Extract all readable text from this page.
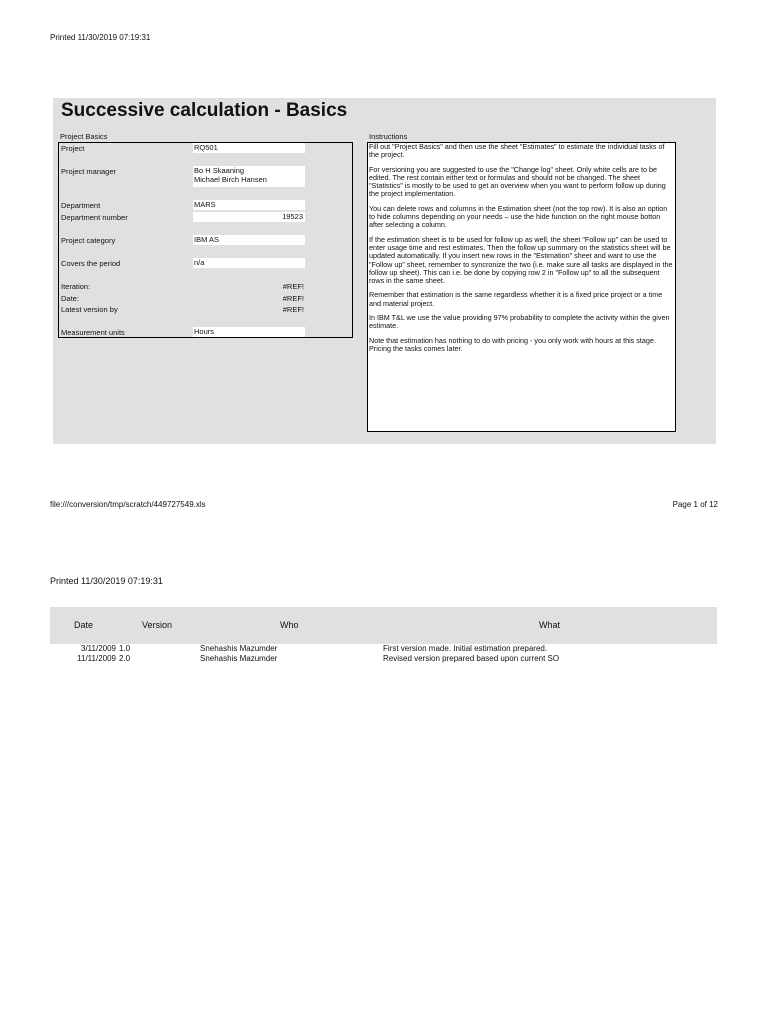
Printed 11/30/2019 07:19:31
Successive calculation - Basics
Project Basics	Instructions
Project	RQ501
Project manager	Bo H Skaaning
Michael Birch Hansen
Department	MARS
Department number	19523
Project category	IBM AS
Covers the period	n/a
Iteration:	#REF!
Date:	#REF!
Latest version by	#REF!
Measurement units	Hours

Fill out "Project Basics" and then use the sheet "Estimates" to estimate the individual tasks of the project.

For versioning you are suggested to use the "Change log" sheet. Only white cells are to be edited. The rest contain either text or formulas and should not be changed. The sheet "Statistics" is mostly to be used to get an overview when you want to perform follow up during the project implementation.

You can delete rows and columns in the Estimation sheet (not the top row). It is also an option to hide columns depending on your needs – use the hide function on the right mouse botton after selecting a column.

If the estimation sheet is to be used for follow up as well, the sheet "Follow up" can be used to enter usage time and rest estimates. Then the follow up summary on the statistics sheet will be updated automatically. If you insert new rows in the "Estimation" sheet and want to use the "Follow up" sheet, remember to syncronize the two (i.e. make sure all tasks are displayed in the follow up sheet). This can i.e. be done by copying row 2 in "Follow up" to all the subsequent rows in the same sheet.

Remember that estimation is the same regardless whether it is a fixed price project or a time and material project.

In IBM T&L we use the value providing 97% probability to complete the activity within the given estimate.

Note that estimation has nothing to do with pricing - you only work with hours at this stage. Pricing the tasks comes later.

file:///conversion/tmp/scratch/449727549.xls	Page 1 of 12
Printed 11/30/2019 07:19:31
Date	Version	Who	What
3/11/2009 1.0	Snehashis Mazumder	First version made. Initial estimation prepared.
11/11/2009 2.0	Snehashis Mazumder	Revised version prepared based upon current SO
